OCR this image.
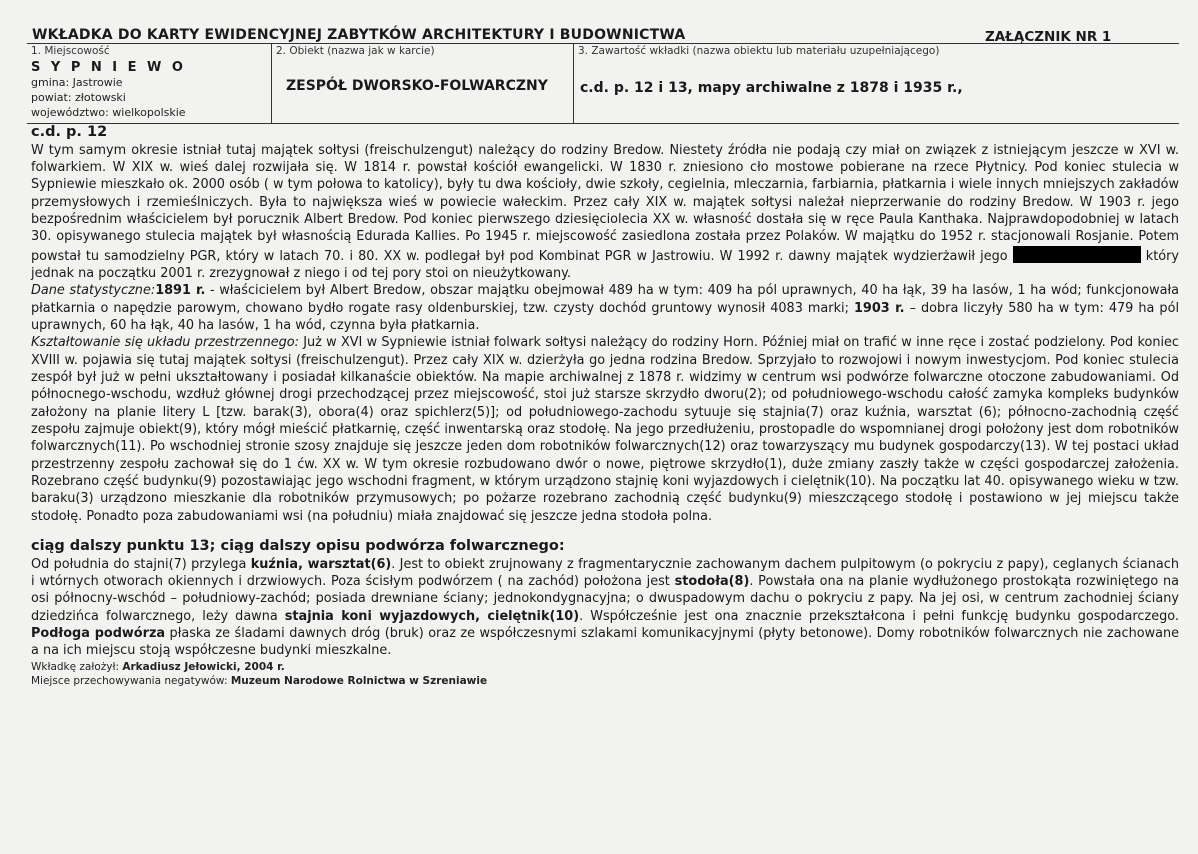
WKŁADKA DO KARTY EWIDENCYJNEJ ZABYTKÓW ARCHITEKTURY I BUDOWNICTWA	ZAŁĄCZNIK NR 1
1. Miejscowość
S Y P N I E W O
gmina: Jastrowie
powiat: złotowski
województwo: wielkopolskie
2. Obiekt (nazwa jak w karcie)
ZESPÓŁ DWORSKO-FOLWARCZNY
3. Zawartość wkładki (nazwa obiektu lub materiału uzupełniającego)
c.d. p. 12 i 13, mapy archiwalne z 1878 i 1935 r.,
c.d. p. 12

W tym samym okresie istniał tutaj majątek sołtysi (freischulzengut) należący do rodziny Bredow. Niestety źródła nie podają czy miał on związek z istniejącym jeszcze w XVI w. folwarkiem. W XIX w. wieś dalej rozwijała się. W 1814 r. powstał kościół ewangelicki. W 1830 r. zniesiono cło mostowe pobierane na rzece Płytnicy. Pod koniec stulecia w Sypniewie mieszkało ok. 2000 osób ( w tym połowa to katolicy), były tu dwa kościoły, dwie szkoły, cegielnia, mleczarnia, farbiarnia, płatkarnia i wiele innych mniejszych zakładów przemysłowych i rzemieślniczych. Była to największa wieś w powiecie wałeckim. Przez cały XIX w. majątek sołtysi należał nieprzerwanie do rodziny Bredow. W 1903 r. jego bezpośrednim właścicielem był porucznik Albert Bredow. Pod koniec pierwszego dziesięciolecia XX w. własność dostała się w ręce Paula Kanthaka. Najprawdopodobniej w latach 30. opisywanego stulecia majątek był własnością Edurada Kallies. Po 1945 r. miejscowość zasiedlona została przez Polaków. W majątku do 1952 r. stacjonowali Rosjanie. Potem powstał tu samodzielny PGR, który w latach 70. i 80. XX w. podlegał był pod Kombinat PGR w Jastrowiu. W 1992 r. dawny majątek wydzierżawił jego	który jednak na początku 2001 r. zrezygnował z niego i od tej pory stoi on nieużytkowany.

Dane statystyczne:1891 r. - właścicielem był Albert Bredow, obszar majątku obejmował 489 ha w tym: 409 ha pól uprawnych, 40 ha łąk, 39 ha lasów, 1 ha wód; funkcjonowała płatkarnia o napędzie parowym, chowano bydło rogate rasy oldenburskiej, tzw. czysty dochód gruntowy wynosił 4083 marki; 1903 r. – dobra liczyły 580 ha w tym: 479 ha pól uprawnych, 60 ha łąk, 40 ha lasów, 1 ha wód, czynna była płatkarnia.

Kształtowanie się układu przestrzennego: Już w XVI w Sypniewie istniał folwark sołtysi należący do rodziny Horn. Później miał on trafić w inne ręce i zostać podzielony. Pod koniec XVIII w. pojawia się tutaj majątek sołtysi (freischulzengut). Przez cały XIX w. dzierżyła go jedna rodzina Bredow. Sprzyjało to rozwojowi i nowym inwestycjom. Pod koniec stulecia zespół był już w pełni ukształtowany i posiadał kilkanaście obiektów. Na mapie archiwalnej z 1878 r. widzimy w centrum wsi podwórze folwarczne otoczone zabudowaniami. Od północnego-wschodu, wzdłuż głównej drogi przechodzącej przez miejscowość, stoi już starsze skrzydło dworu(2); od południowego-wschodu całość zamyka kompleks budynków założony na planie litery L [tzw. barak(3), obora(4) oraz spichlerz(5)]; od południowego-zachodu sytuuje się stajnia(7) oraz kuźnia, warsztat (6); północno-zachodnią część zespołu zajmuje obiekt(9), który mógł mieścić płatkarnię, część inwentarską oraz stodołę. Na jego przedłużeniu, prostopadle do wspomnianej drogi położony jest dom robotników folwarcznych(11). Po wschodniej stronie szosy znajduje się jeszcze jeden dom robotników folwarcznych(12) oraz towarzyszący mu budynek gospodarczy(13). W tej postaci układ przestrzenny zespołu zachował się do 1 ćw. XX w. W tym okresie rozbudowano dwór o nowe, piętrowe skrzydło(1), duże zmiany zaszły także w części gospodarczej założenia. Rozebrano część budynku(9) pozostawiając jego wschodni fragment, w którym urządzono stajnię koni wyjazdowych i cielętnik(10). Na początku lat 40. opisywanego wieku w tzw. baraku(3) urządzono mieszkanie dla robotników przymusowych; po pożarze rozebrano zachodnią część budynku(9) mieszczącego stodołę i postawiono w jej miejscu także stodołę. Ponadto poza zabudowaniami wsi (na południu) miała znajdować się jeszcze jedna stodoła polna.

ciąg dalszy punktu 13; ciąg dalszy opisu podwórza folwarcznego:

Od południa do stajni(7) przylega kuźnia, warsztat(6). Jest to obiekt zrujnowany z fragmentarycznie zachowanym dachem pulpitowym (o pokryciu z papy), ceglanych ścianach i wtórnych otworach okiennych i drzwiowych. Poza ścisłym podwórzem ( na zachód) położona jest stodoła(8). Powstała ona na planie wydłużonego prostokąta rozwiniętego na osi północny-wschód – południowy-zachód; posiada drewniane ściany; jednokondygnacyjna; o dwuspadowym dachu o pokryciu z papy. Na jej osi, w centrum zachodniej ściany dziedzińca folwarcznego, leży dawna stajnia koni wyjazdowych, cielętnik(10). Współcześnie jest ona znacznie przekształcona i pełni funkcję budynku gospodarczego. Podłoga podwórza płaska ze śladami dawnych dróg (bruk) oraz ze współczesnymi szlakami komunikacyjnymi (płyty betonowe). Domy robotników folwarcznych nie zachowane a na ich miejscu stoją współczesne budynki mieszkalne.

Wkładkę założył: Arkadiusz Jełowicki, 2004 r.
Miejsce przechowywania negatywów: Muzeum Narodowe Rolnictwa w Szreniawie
